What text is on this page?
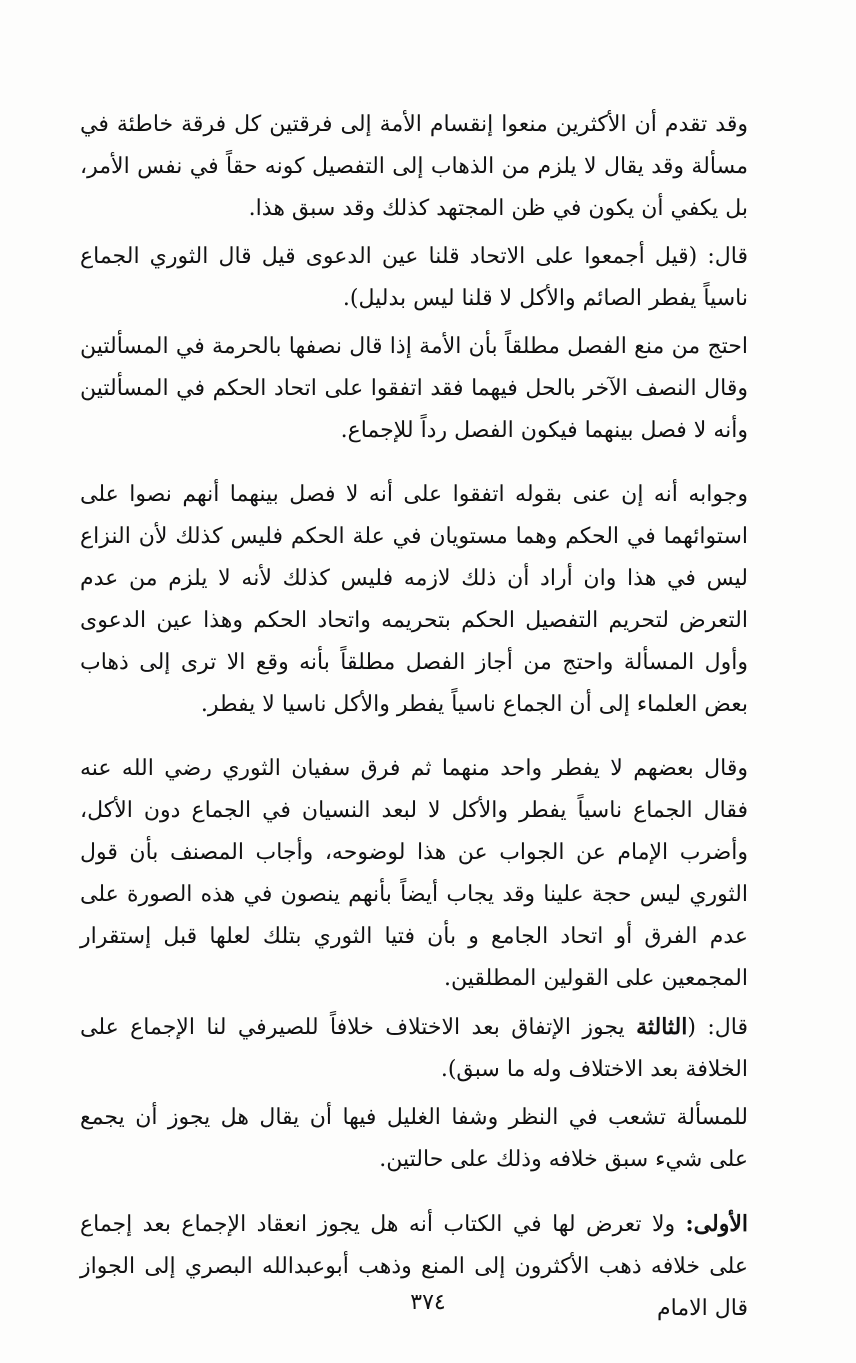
وقد تقدم أن الأكثرين منعوا إنقسام الأمة إلى فرقتين كل فرقة خاطئة في مسألة وقد يقال لا يلزم من الذهاب إلى التفصيل كونه حقاً في نفس الأمر، بل يكفي أن يكون في ظن المجتهد كذلك وقد سبق هذا.

قال: (قيل أجمعوا على الاتحاد قلنا عين الدعوى قيل قال الثوري الجماع ناسياً يفطر الصائم والأكل لا قلنا ليس بدليل).

احتج من منع الفصل مطلقاً بأن الأمة إذا قال نصفها بالحرمة في المسألتين وقال النصف الآخر بالحل فيهما فقد اتفقوا على اتحاد الحكم في المسألتين وأنه لا فصل بينهما فيكون الفصل رداً للإجماع.

وجوابه أنه إن عنى بقوله اتفقوا على أنه لا فصل بينهما أنهم نصوا على استوائهما في الحكم وهما مستويان في علة الحكم فليس كذلك لأن النزاع ليس في هذا وان أراد أن ذلك لازمه فليس كذلك لأنه لا يلزم من عدم التعرض لتحريم التفصيل الحكم بتحريمه واتحاد الحكم وهذا عين الدعوى وأول المسألة واحتج من أجاز الفصل مطلقاً بأنه وقع الا ترى إلى ذهاب بعض العلماء إلى أن الجماع ناسياً يفطر والأكل ناسيا لا يفطر.

وقال بعضهم لا يفطر واحد منهما ثم فرق سفيان الثوري رضي الله عنه فقال الجماع ناسياً يفطر والأكل لا لبعد النسيان في الجماع دون الأكل، وأضرب الإمام عن الجواب عن هذا لوضوحه، وأجاب المصنف بأن قول الثوري ليس حجة علينا وقد يجاب أيضاً بأنهم ينصون في هذه الصورة على عدم الفرق أو اتحاد الجامع و بأن فتيا الثوري بتلك لعلها قبل إستقرار المجمعين على القولين المطلقين.

قال: (الثالثة يجوز الإتفاق بعد الاختلاف خلافاً للصيرفي لنا الإجماع على الخلافة بعد الاختلاف وله ما سبق).

للمسألة تشعب في النظر وشفا الغليل فيها أن يقال هل يجوز أن يجمع على شيء سبق خلافه وذلك على حالتين.

الأولى: ولا تعرض لها في الكتاب أنه هل يجوز انعقاد الإجماع بعد إجماع على خلافه ذهب الأكثرون إلى المنع وذهب أبوعبدالله البصري إلى الجواز قال الامام

٣٧٤
